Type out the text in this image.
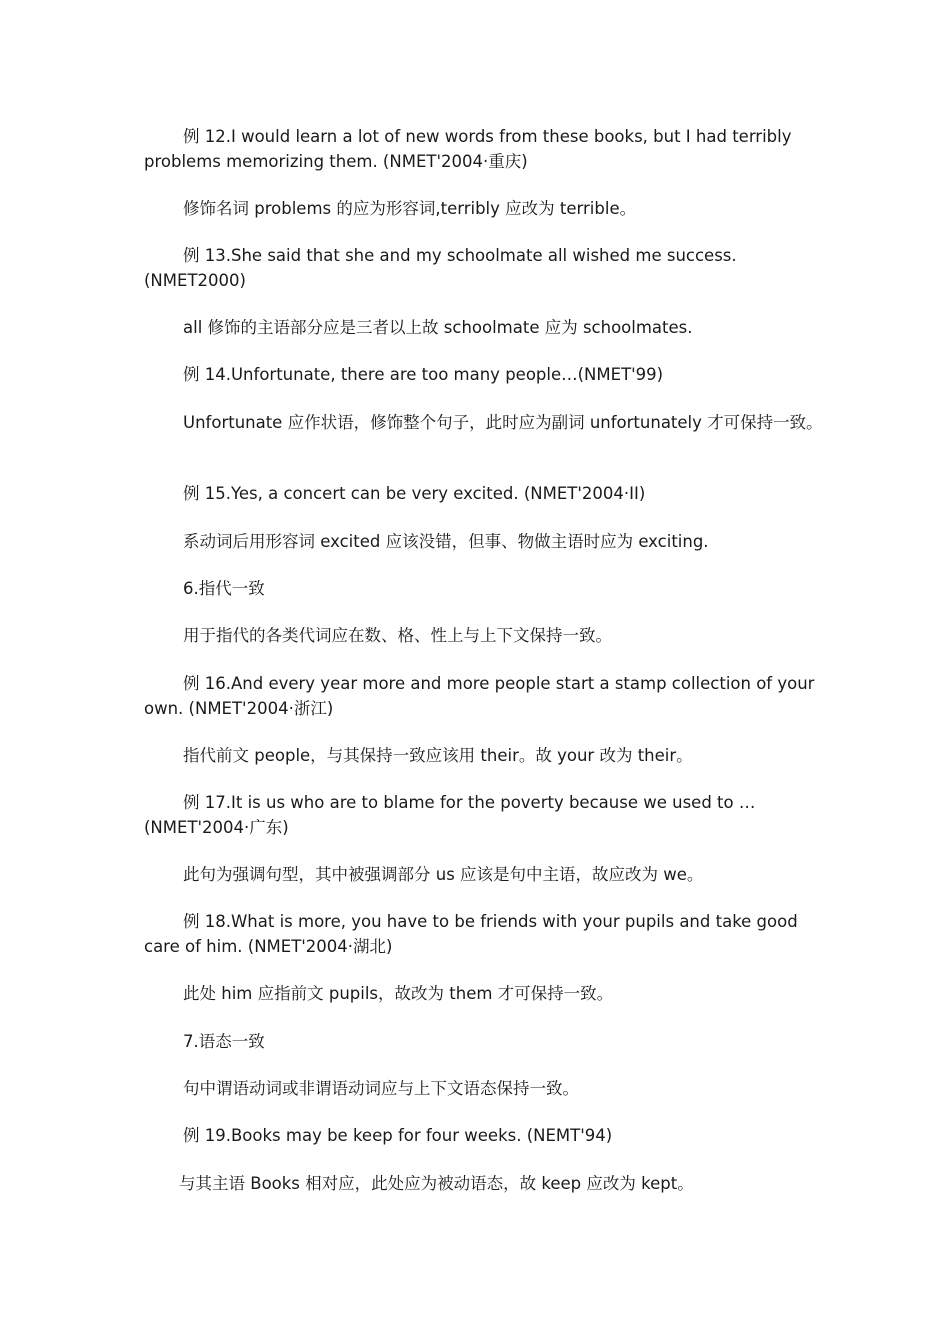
例 12.I would learn a lot of new words from these books, but I had terribly problems memorizing them. (NMET'2004·重庆)

修饰名词 problems 的应为形容词,terribly 应改为 terrible。

例 13.She said that she and my schoolmate all wished me success. (NMET2000)

all 修饰的主语部分应是三者以上故 schoolmate 应为 schoolmates.

例 14.Unfortunate, there are too many people…(NMET'99)

Unfortunate 应作状语，修饰整个句子，此时应为副词 unfortunately 才可保持一致。

例 15.Yes, a concert can be very excited. (NMET'2004·II)

系动词后用形容词 excited 应该没错，但事、物做主语时应为 exciting.

6.指代一致

用于指代的各类代词应在数、格、性上与上下文保持一致。

例 16.And every year more and more people start a stamp collection of your own. (NMET'2004·浙江)

指代前文 people，与其保持一致应该用 their。故 your 改为 their。

例 17.It is us who are to blame for the poverty because we used to … (NMET'2004·广东)

此句为强调句型，其中被强调部分 us 应该是句中主语，故应改为 we。

例 18.What is more, you have to be friends with your pupils and take good care of him. (NMET'2004·湖北)

此处 him 应指前文 pupils，故改为 them 才可保持一致。

7.语态一致

句中谓语动词或非谓语动词应与上下文语态保持一致。

例 19.Books may be keep for four weeks. (NEMT'94)

与其主语 Books 相对应，此处应为被动语态，故 keep 应改为 kept。
